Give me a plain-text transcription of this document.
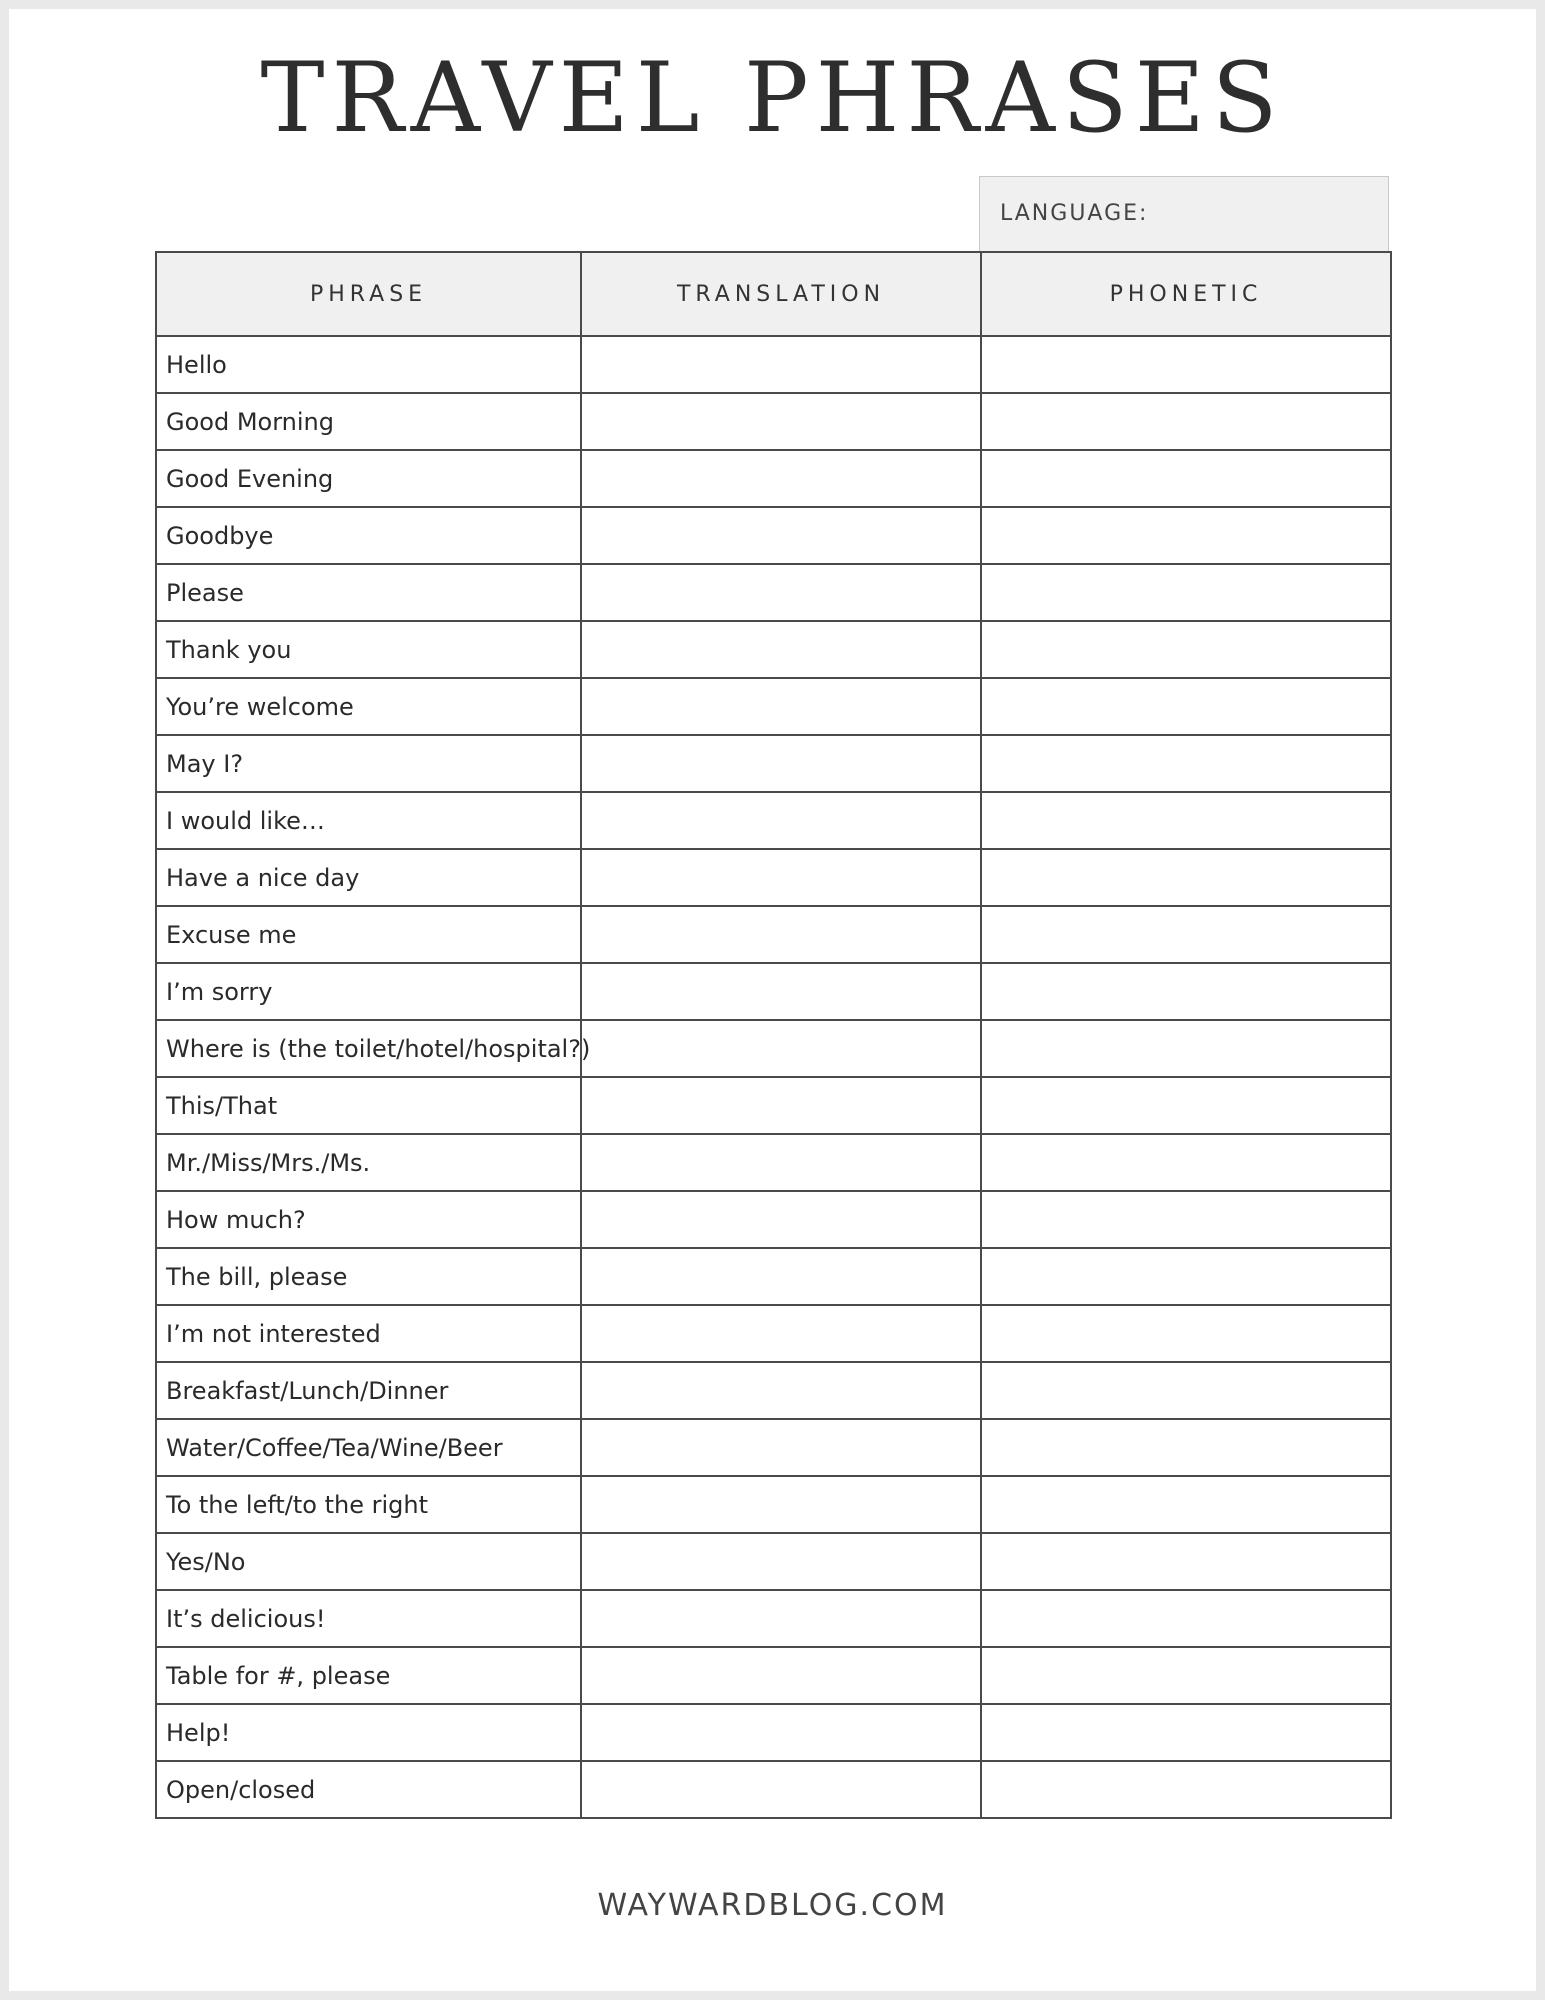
TRAVEL PHRASES
LANGUAGE:
PHRASE	TRANSLATION	PHONETIC
Hello		
Good Morning		
Good Evening		
Goodbye		
Please		
Thank you		
You’re welcome		
May I?		
I would like…		
Have a nice day		
Excuse me		
I’m sorry		
Where is (the toilet/hotel/hospital?)		
This/That		
Mr./Miss/Mrs./Ms.		
How much?		
The bill, please		
I’m not interested		
Breakfast/Lunch/Dinner		
Water/Coffee/Tea/Wine/Beer		
To the left/to the right		
Yes/No		
It’s delicious!		
Table for #, please		
Help!		
Open/closed		
WAYWARDBLOG.COM
